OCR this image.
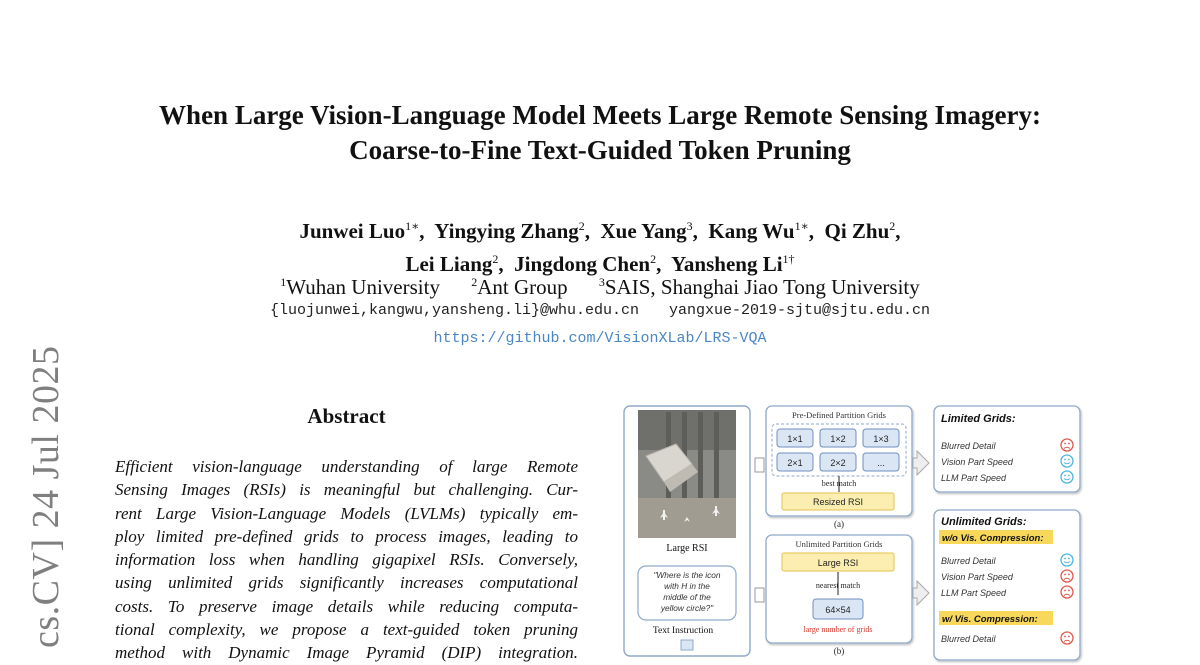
cs.CV] 24 Jul 2025
When Large Vision-Language Model Meets Large Remote Sensing Imagery:
Coarse-to-Fine Text-Guided Token Pruning
Junwei Luo$^{1∗}$, Yingying Zhang$^2$, Xue Yang$^3$, Kang $Wu^{1∗}$, Qi Zhu$^2$,
Lei Liang$^2$, Jingdong Chen$^2$, Yansheng $Li^{1\dagger}$
$^1$Wuhan University	$^2$Ant Group	$^3$SAIS, Shanghai Jiao Tong University
{luojunwei,kangwu,yansheng.li}@whu.edu.cn yangxue-2019-sjtu@sjtu.edu.cn
https://github.com/VisionXLab/LRS-VQA
Abstract
Efficient vision-language understanding of large Remote
Sensing Images (RSIs) is meaningful but challenging. Cur-
rent Large Vision-Language Models (LVLMs) typically em-
ploy limited pre-defined grids to process images, leading to
information loss when handling gigapixel RSIs. Conversely,
using unlimited grids significantly increases computational
costs. To preserve image details while reducing computa-
tional complexity, we propose a text-guided token pruning
method with Dynamic Image Pyramid (DIP) integration.
Large RSI
"Where is the icon
with H in the
middle of the
yellow circle?"
Text Instruction
Pre-Defined Partition Grids
1×1	1×2	1×3
2×1	2×2	...
best match
Resized RSI
(a)
Unlimited Partition Grids
Large RSI
nearest match
64×54
large number of grids
(b)
Limited Grids:
Blurred Detail
Vision Part Speed
LLM Part Speed
Unlimited Grids:
w/o Vis. Compression:
Blurred Detail
Vision Part Speed
LLM Part Speed
w/ Vis. Compression:
Blurred Detail
